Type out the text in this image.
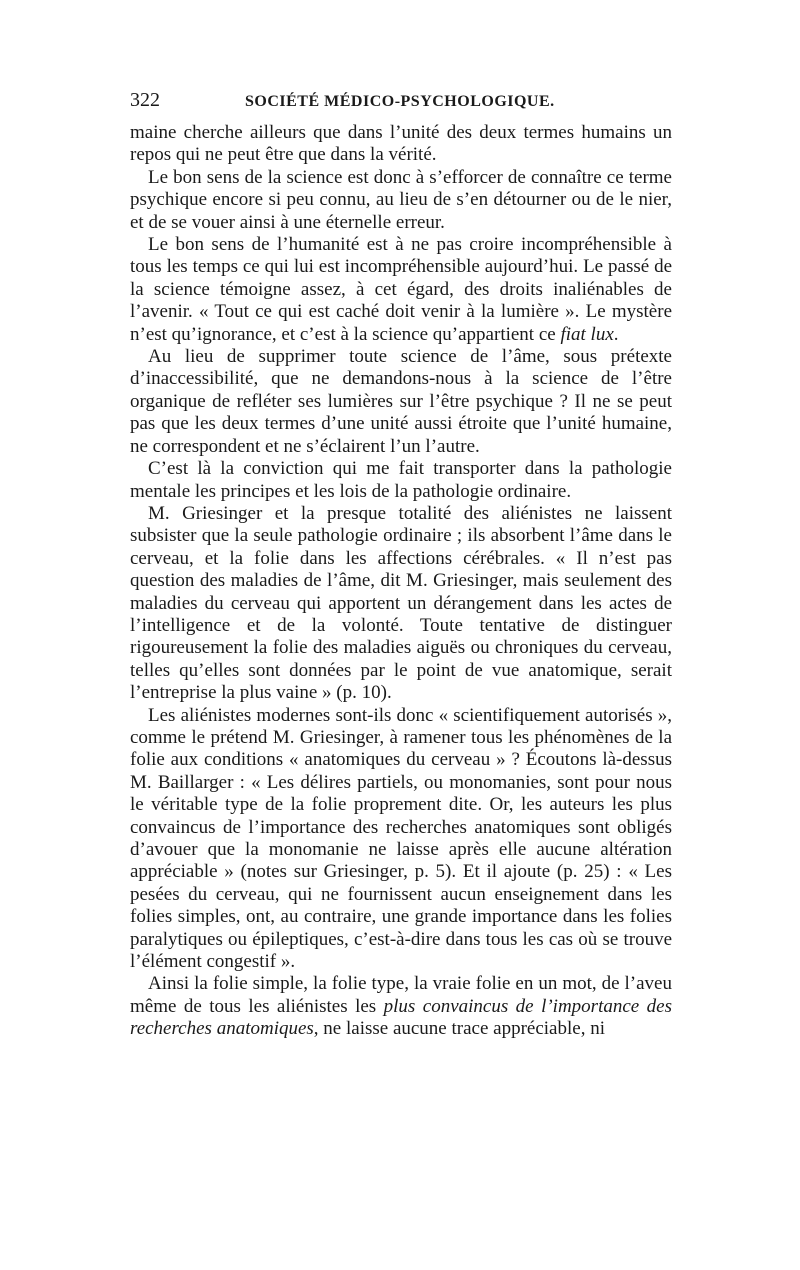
322	SOCIÉTÉ MÉDICO-PSYCHOLOGIQUE.

maine cherche ailleurs que dans l’unité des deux termes humains un repos qui ne peut être que dans la vérité.

Le bon sens de la science est donc à s’efforcer de connaître ce terme psychique encore si peu connu, au lieu de s’en détourner ou de le nier, et de se vouer ainsi à une éternelle erreur.

Le bon sens de l’humanité est à ne pas croire incompréhensible à tous les temps ce qui lui est incompréhensible aujourd’hui. Le passé de la science témoigne assez, à cet égard, des droits inaliénables de l’avenir. « Tout ce qui est caché doit venir à la lumière ». Le mystère n’est qu’ignorance, et c’est à la science qu’appartient ce fiat lux.

Au lieu de supprimer toute science de l’âme, sous prétexte d’inaccessibilité, que ne demandons-nous à la science de l’être organique de refléter ses lumières sur l’être psychique ? Il ne se peut pas que les deux termes d’une unité aussi étroite que l’unité humaine, ne correspondent et ne s’éclairent l’un l’autre.

C’est là la conviction qui me fait transporter dans la pathologie mentale les principes et les lois de la pathologie ordinaire.

M. Griesinger et la presque totalité des aliénistes ne laissent subsister que la seule pathologie ordinaire ; ils absorbent l’âme dans le cerveau, et la folie dans les affections cérébrales. « Il n’est pas question des maladies de l’âme, dit M. Griesinger, mais seulement des maladies du cerveau qui apportent un dérangement dans les actes de l’intelligence et de la volonté. Toute tentative de distinguer rigoureusement la folie des maladies aiguës ou chroniques du cerveau, telles qu’elles sont données par le point de vue anatomique, serait l’entreprise la plus vaine » (p. 10).

Les aliénistes modernes sont-ils donc « scientifiquement autorisés », comme le prétend M. Griesinger, à ramener tous les phénomènes de la folie aux conditions « anatomiques du cerveau » ? Écoutons là-dessus M. Baillarger : « Les délires partiels, ou monomanies, sont pour nous le véritable type de la folie proprement dite. Or, les auteurs les plus convaincus de l’importance des recherches anatomiques sont obligés d’avouer que la monomanie ne laisse après elle aucune altération appréciable » (notes sur Griesinger, p. 5). Et il ajoute (p. 25) : « Les pesées du cerveau, qui ne fournissent aucun enseignement dans les folies simples, ont, au contraire, une grande importance dans les folies paralytiques ou épileptiques, c’est-à-dire dans tous les cas où se trouve l’élément congestif ».

Ainsi la folie simple, la folie type, la vraie folie en un mot, de l’aveu même de tous les aliénistes les plus convaincus de l’importance des recherches anatomiques, ne laisse aucune trace appréciable, ni
